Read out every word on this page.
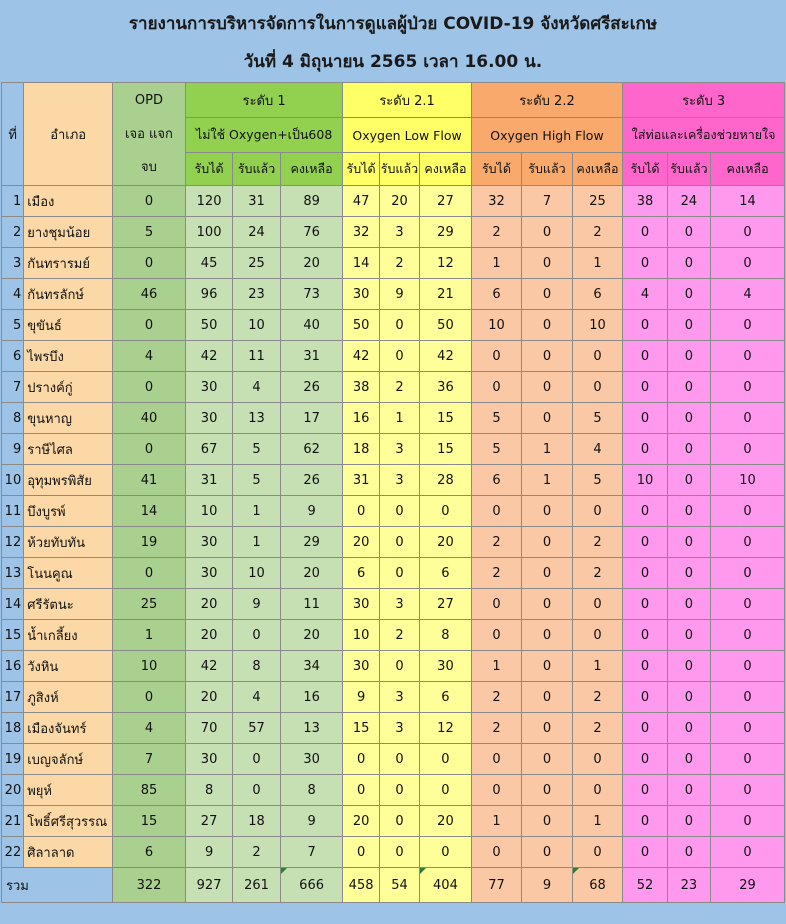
รายงานการบริหารจัดการในการดูแลผู้ป่วย COVID-19 จังหวัดศรีสะเกษ
วันที่ 4 มิถุนายน 2565 เวลา 16.00 น.
ที่	อำเภอ	OPD
เจอ แจก
จบ	ระดับ 1			ระดับ 2.1			ระดับ 2.2			ระดับ 3		
			ไม่ใช้ Oxygen+เป็น608			Oxygen Low Flow			Oxygen High Flow			ใส่ท่อและเครื่องช่วยหายใจ		
			รับได้	รับแล้ว	คงเหลือ	รับได้	รับแล้ว	คงเหลือ	รับได้	รับแล้ว	คงเหลือ	รับได้	รับแล้ว	คงเหลือ
1	เมือง	0	120	31	89	47	20	27	32	7	25	38	24	14
2	ยางชุมน้อย	5	100	24	76	32	3	29	2	0	2	0	0	0
3	กันทรารมย์	0	45	25	20	14	2	12	1	0	1	0	0	0
4	กันทรลักษ์	46	96	23	73	30	9	21	6	0	6	4	0	4
5	ขุขันธ์	0	50	10	40	50	0	50	10	0	10	0	0	0
6	ไพรบึง	4	42	11	31	42	0	42	0	0	0	0	0	0
7	ปรางค์กู่	0	30	4	26	38	2	36	0	0	0	0	0	0
8	ขุนหาญ	40	30	13	17	16	1	15	5	0	5	0	0	0
9	ราษีไศล	0	67	5	62	18	3	15	5	1	4	0	0	0
10	อุทุมพรพิสัย	41	31	5	26	31	3	28	6	1	5	10	0	10
11	บึงบูรพ์	14	10	1	9	0	0	0	0	0	0	0	0	0
12	ห้วยทับทัน	19	30	1	29	20	0	20	2	0	2	0	0	0
13	โนนคูณ	0	30	10	20	6	0	6	2	0	2	0	0	0
14	ศรีรัตนะ	25	20	9	11	30	3	27	0	0	0	0	0	0
15	น้ำเกลี้ยง	1	20	0	20	10	2	8	0	0	0	0	0	0
16	วังหิน	10	42	8	34	30	0	30	1	0	1	0	0	0
17	ภูสิงห์	0	20	4	16	9	3	6	2	0	2	0	0	0
18	เมืองจันทร์	4	70	57	13	15	3	12	2	0	2	0	0	0
19	เบญจลักษ์	7	30	0	30	0	0	0	0	0	0	0	0	0
20	พยุห์	85	8	0	8	0	0	0	0	0	0	0	0	0
21	โพธิ์ศรีสุวรรณ	15	27	18	9	20	0	20	1	0	1	0	0	0
22	ศิลาลาด	6	9	2	7	0	0	0	0	0	0	0	0	0
รวม		322	927	261	666	458	54	404	77	9	68	52	23	29
